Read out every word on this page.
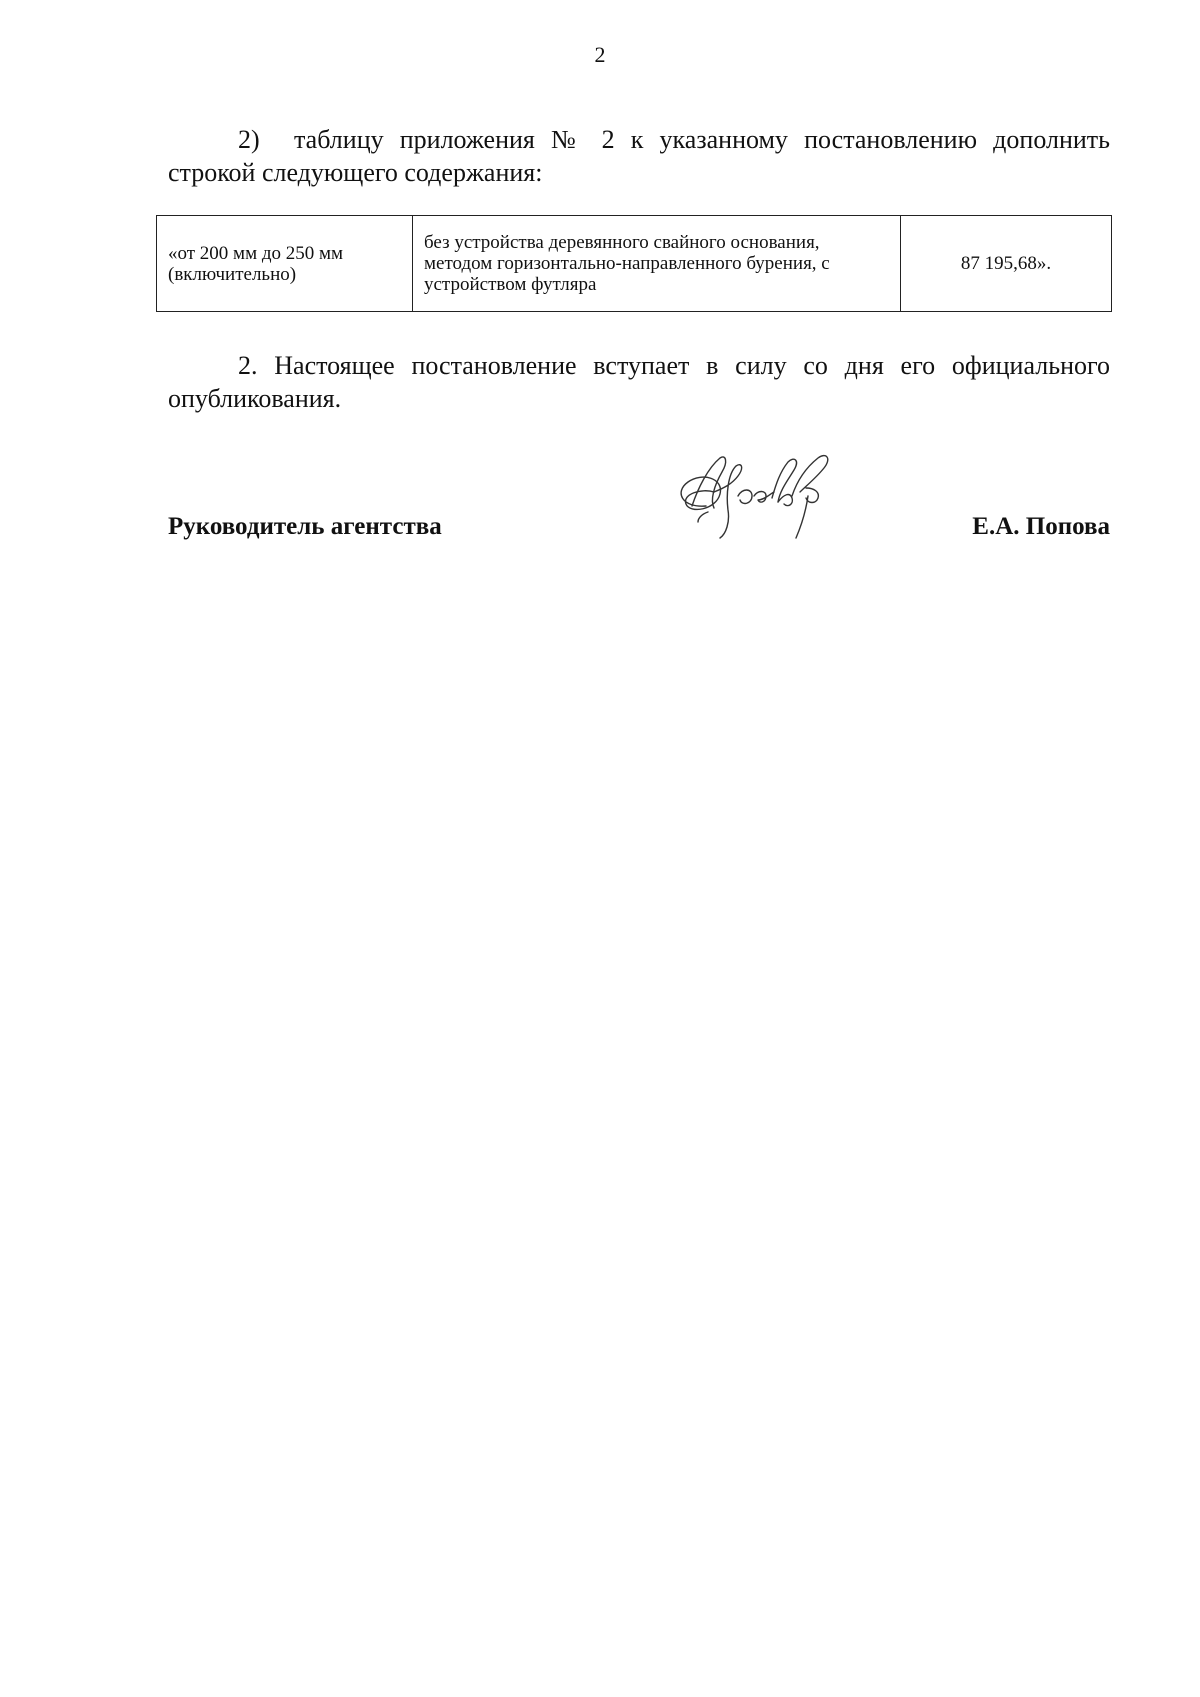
2

2) таблицу приложения № 2 к указанному постановлению дополнить строкой следующего содержания:

«от 200 мм до 250 мм (включительно)	без устройства деревянного свайного основания, методом горизонтально-направленного бурения, с устройством футляра	87 195,68».

2. Настоящее постановление вступает в силу со дня его официального опубликования.

Руководитель агентства	Е.А. Попова
